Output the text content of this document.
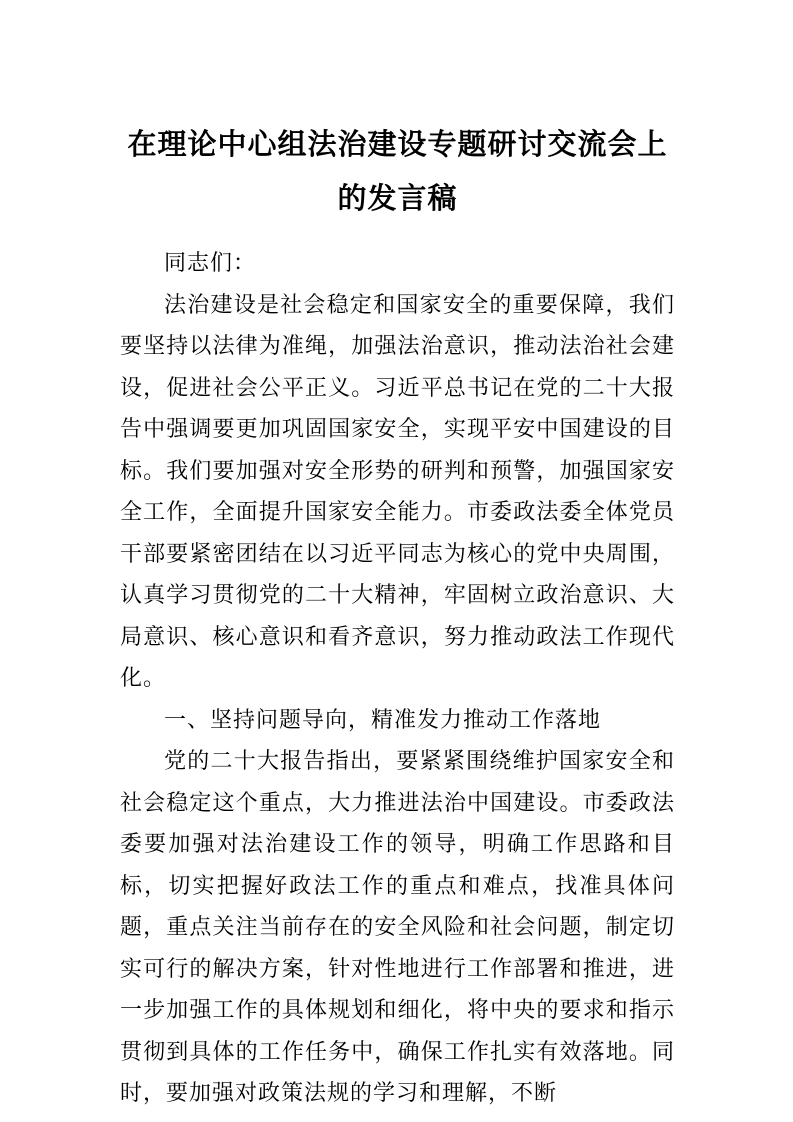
在理论中心组法治建设专题研讨交流会上
的发言稿

同志们：

法治建设是社会稳定和国家安全的重要保障，我们要坚持以法律为准绳，加强法治意识，推动法治社会建设，促进社会公平正义。习近平总书记在党的二十大报告中强调要更加巩固国家安全，实现平安中国建设的目标。我们要加强对安全形势的研判和预警，加强国家安全工作，全面提升国家安全能力。市委政法委全体党员干部要紧密团结在以习近平同志为核心的党中央周围，认真学习贯彻党的二十大精神，牢固树立政治意识、大局意识、核心意识和看齐意识，努力推动政法工作现代化。

一、坚持问题导向，精准发力推动工作落地

党的二十大报告指出，要紧紧围绕维护国家安全和社会稳定这个重点，大力推进法治中国建设。市委政法委要加强对法治建设工作的领导，明确工作思路和目标，切实把握好政法工作的重点和难点，找准具体问题，重点关注当前存在的安全风险和社会问题，制定切实可行的解决方案，针对性地进行工作部署和推进，进一步加强工作的具体规划和细化，将中央的要求和指示贯彻到具体的工作任务中，确保工作扎实有效落地。同时，要加强对政策法规的学习和理解，不断
